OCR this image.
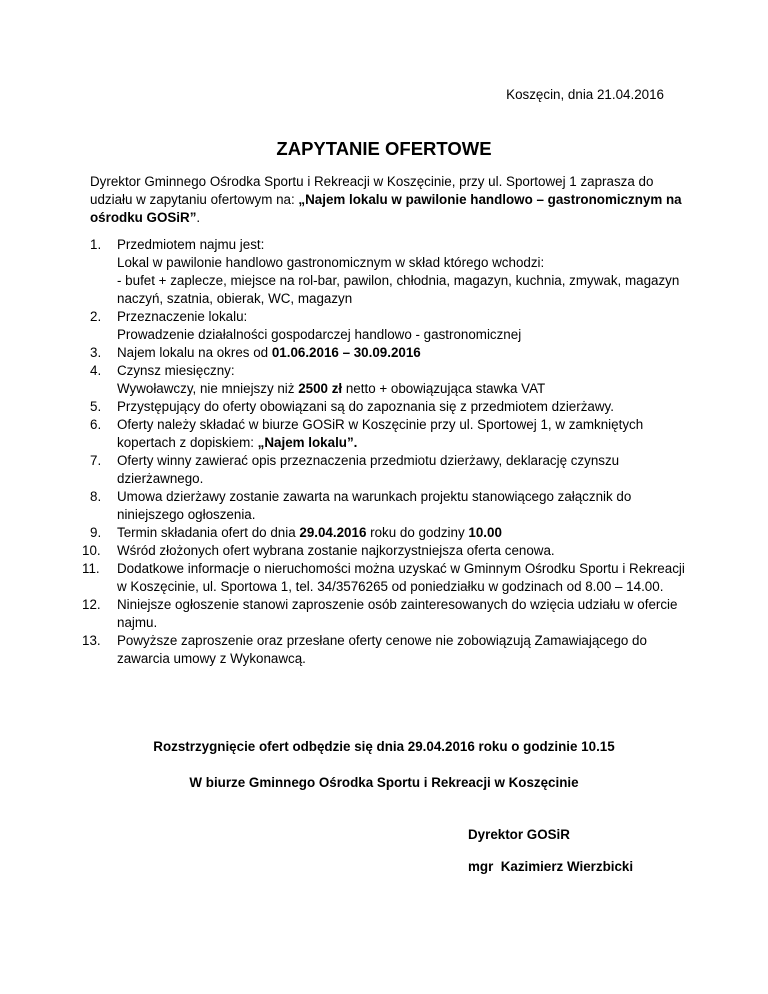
Koszęcin, dnia 21.04.2016
ZAPYTANIE OFERTOWE
Dyrektor Gminnego Ośrodka Sportu i Rekreacji w Koszęcinie, przy ul. Sportowej 1 zaprasza do udziału w zapytaniu ofertowym na: „Najem lokalu w pawilonie handlowo – gastronomicznym na ośrodku GOSiR”.
1.	Przedmiotem najmu jest:
Lokal w pawilonie handlowo gastronomicznym w skład którego wchodzi:
- bufet + zaplecze, miejsce na rol-bar, pawilon, chłodnia, magazyn, kuchnia, zmywak, magazyn naczyń, szatnia, obierak, WC, magazyn
2.	Przeznaczenie lokalu:
Prowadzenie działalności gospodarczej handlowo - gastronomicznej
3.	Najem lokalu na okres od 01.06.2016 – 30.09.2016
4.	Czynsz miesięczny:
Wywoławczy, nie mniejszy niż 2500 zł netto + obowiązująca stawka VAT
5.	Przystępujący do oferty obowiązani są do zapoznania się z przedmiotem dzierżawy.
6.	Oferty należy składać w biurze GOSiR w Koszęcinie przy ul. Sportowej 1, w zamkniętych kopertach z dopiskiem: „Najem lokalu”.
7.	Oferty winny zawierać opis przeznaczenia przedmiotu dzierżawy, deklarację czynszu dzierżawnego.
8.	Umowa dzierżawy zostanie zawarta na warunkach projektu stanowiącego załącznik do niniejszego ogłoszenia.
9.	Termin składania ofert do dnia 29.04.2016 roku do godziny 10.00
10.	Wśród złożonych ofert wybrana zostanie najkorzystniejsza oferta cenowa.
11.	Dodatkowe informacje o nieruchomości można uzyskać w Gminnym Ośrodku Sportu i Rekreacji w Koszęcinie, ul. Sportowa 1, tel. 34/3576265 od poniedziałku w godzinach od 8.00 – 14.00.
12.	Niniejsze ogłoszenie stanowi zaproszenie osób zainteresowanych do wzięcia udziału w ofercie najmu.
13.	Powyższe zaproszenie oraz przesłane oferty cenowe nie zobowiązują Zamawiającego do zawarcia umowy z Wykonawcą.
Rozstrzygnięcie ofert odbędzie się dnia 29.04.2016 roku o godzinie 10.15
W biurze Gminnego Ośrodka Sportu i Rekreacji w Koszęcinie
Dyrektor GOSiR
mgr  Kazimierz Wierzbicki
